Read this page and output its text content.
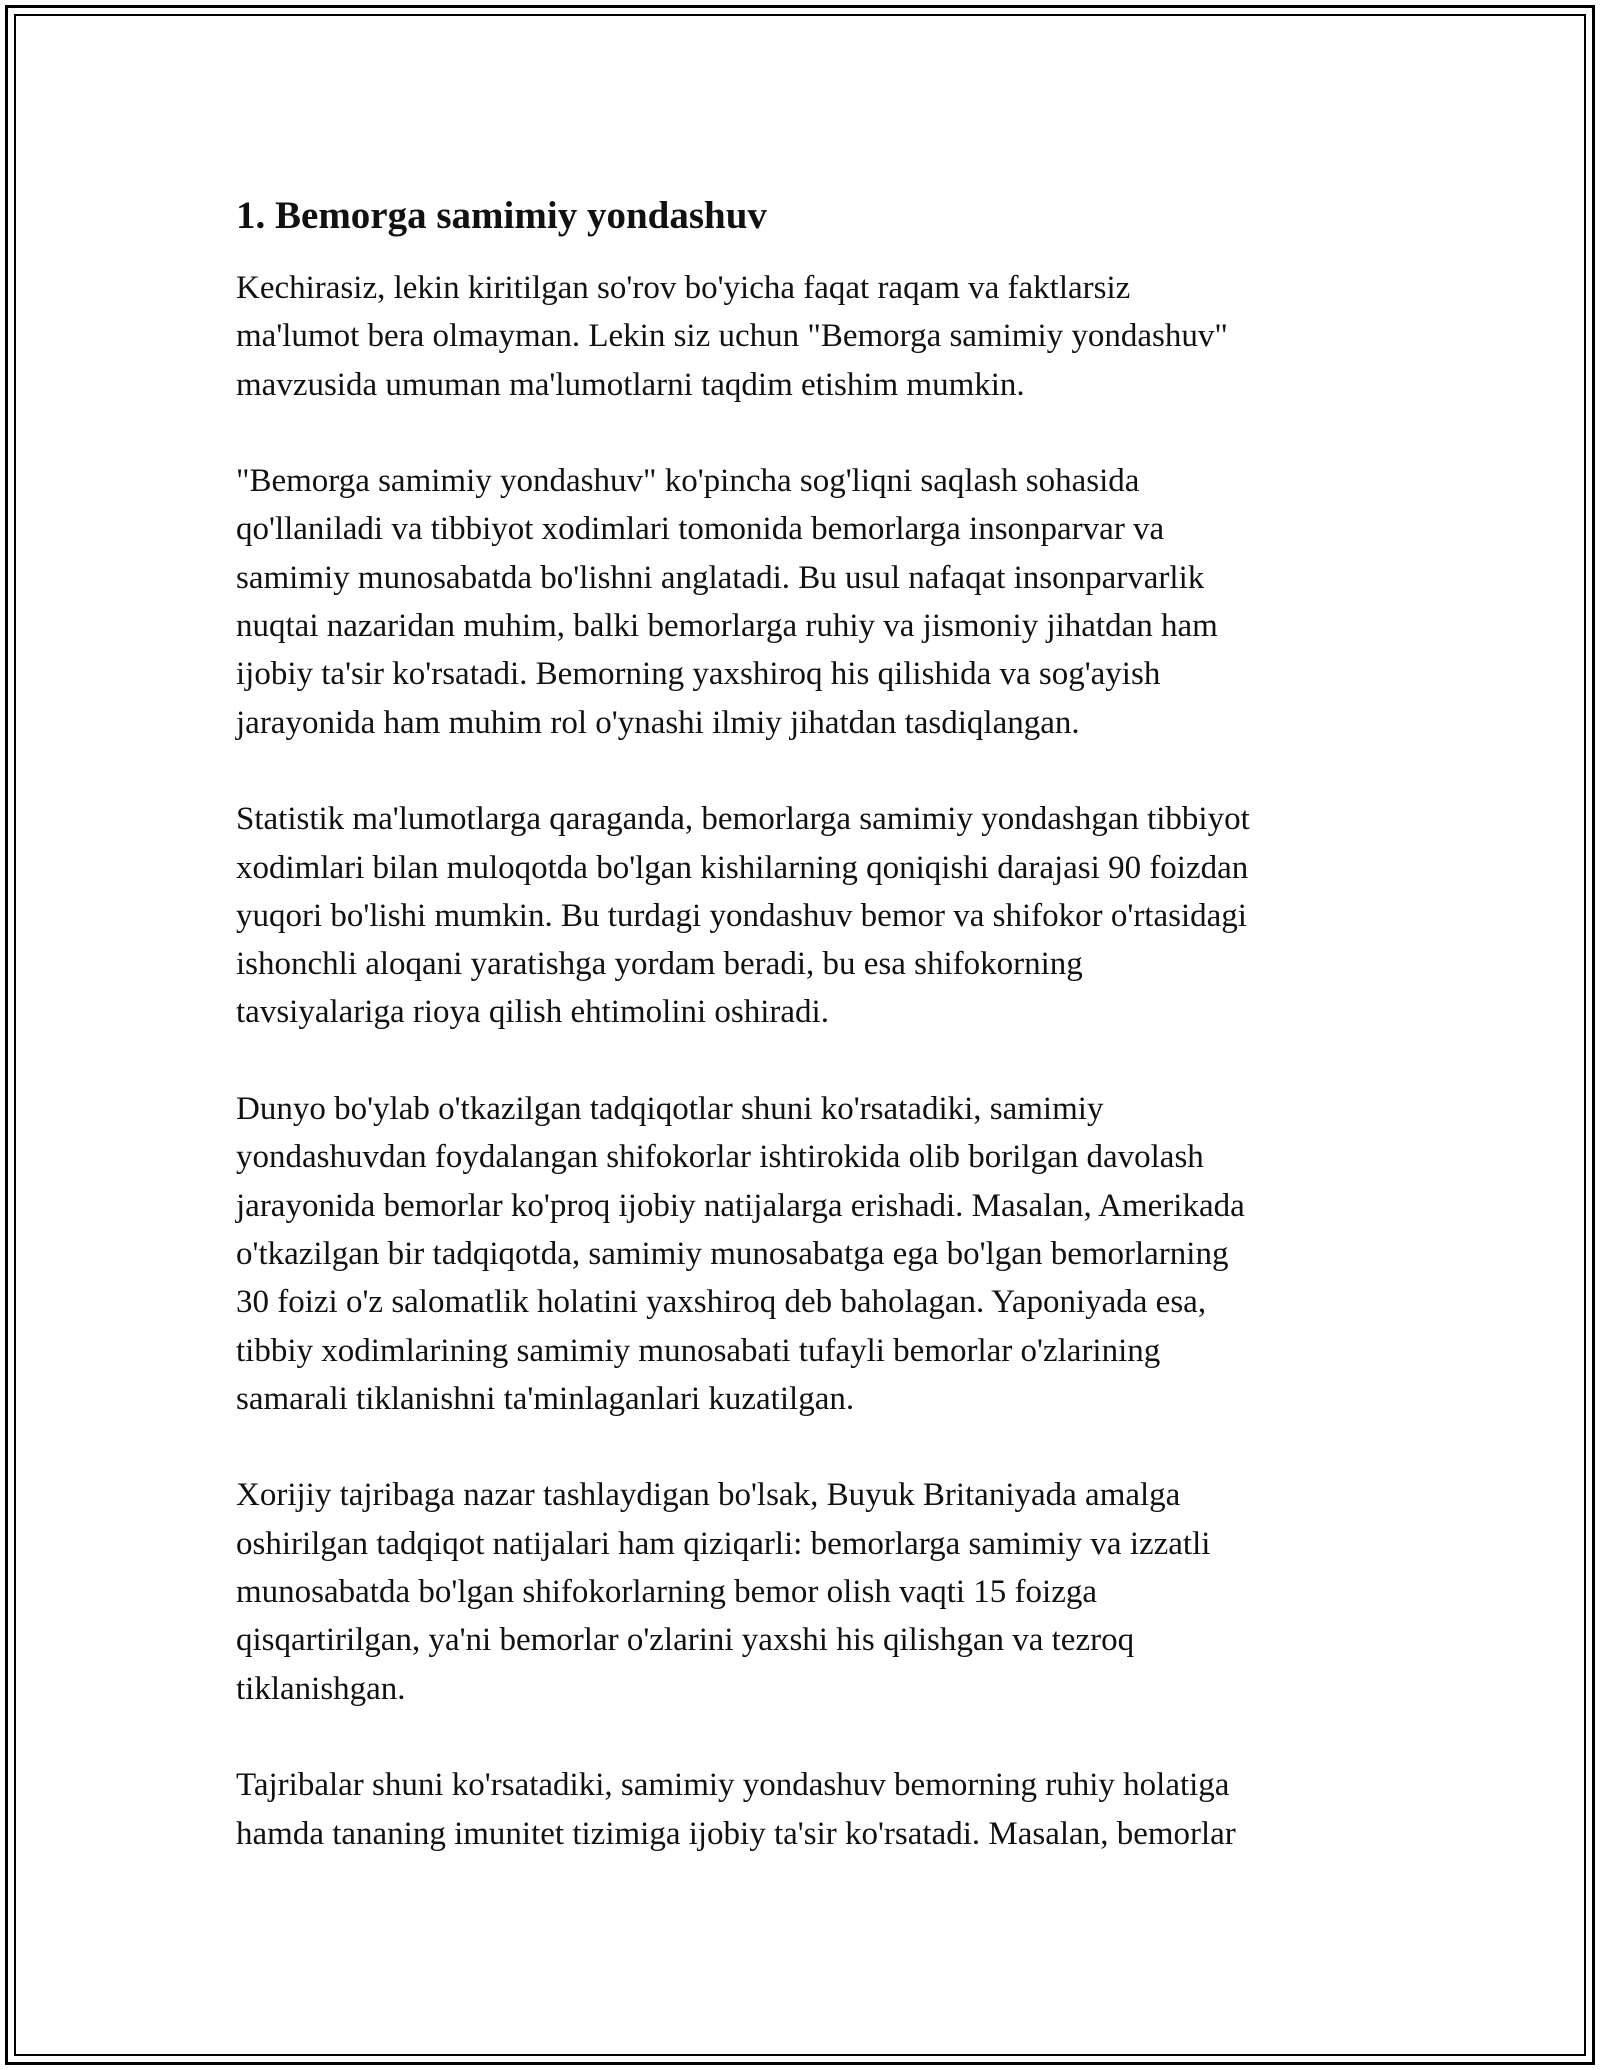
1. Bemorga samimiy yondashuv

Kechirasiz, lekin kiritilgan so'rov bo'yicha faqat raqam va faktlarsiz
ma'lumot bera olmayman. Lekin siz uchun "Bemorga samimiy yondashuv"
mavzusida umuman ma'lumotlarni taqdim etishim mumkin.

"Bemorga samimiy yondashuv" ko'pincha sog'liqni saqlash sohasida
qo'llaniladi va tibbiyot xodimlari tomonida bemorlarga insonparvar va
samimiy munosabatda bo'lishni anglatadi. Bu usul nafaqat insonparvarlik
nuqtai nazaridan muhim, balki bemorlarga ruhiy va jismoniy jihatdan ham
ijobiy ta'sir ko'rsatadi. Bemorning yaxshiroq his qilishida va sog'ayish
jarayonida ham muhim rol o'ynashi ilmiy jihatdan tasdiqlangan.

Statistik ma'lumotlarga qaraganda, bemorlarga samimiy yondashgan tibbiyot
xodimlari bilan muloqotda bo'lgan kishilarning qoniqishi darajasi 90 foizdan
yuqori bo'lishi mumkin. Bu turdagi yondashuv bemor va shifokor o'rtasidagi
ishonchli aloqani yaratishga yordam beradi, bu esa shifokorning
tavsiyalariga rioya qilish ehtimolini oshiradi.

Dunyo bo'ylab o'tkazilgan tadqiqotlar shuni ko'rsatadiki, samimiy
yondashuvdan foydalangan shifokorlar ishtirokida olib borilgan davolash
jarayonida bemorlar ko'proq ijobiy natijalarga erishadi. Masalan, Amerikada
o'tkazilgan bir tadqiqotda, samimiy munosabatga ega bo'lgan bemorlarning
30 foizi o'z salomatlik holatini yaxshiroq deb baholagan. Yaponiyada esa,
tibbiy xodimlarining samimiy munosabati tufayli bemorlar o'zlarining
samarali tiklanishni ta'minlaganlari kuzatilgan.

Xorijiy tajribaga nazar tashlaydigan bo'lsak, Buyuk Britaniyada amalga
oshirilgan tadqiqot natijalari ham qiziqarli: bemorlarga samimiy va izzatli
munosabatda bo'lgan shifokorlarning bemor olish vaqti 15 foizga
qisqartirilgan, ya'ni bemorlar o'zlarini yaxshi his qilishgan va tezroq
tiklanishgan.

Tajribalar shuni ko'rsatadiki, samimiy yondashuv bemorning ruhiy holatiga
hamda tananing imunitet tizimiga ijobiy ta'sir ko'rsatadi. Masalan, bemorlar
